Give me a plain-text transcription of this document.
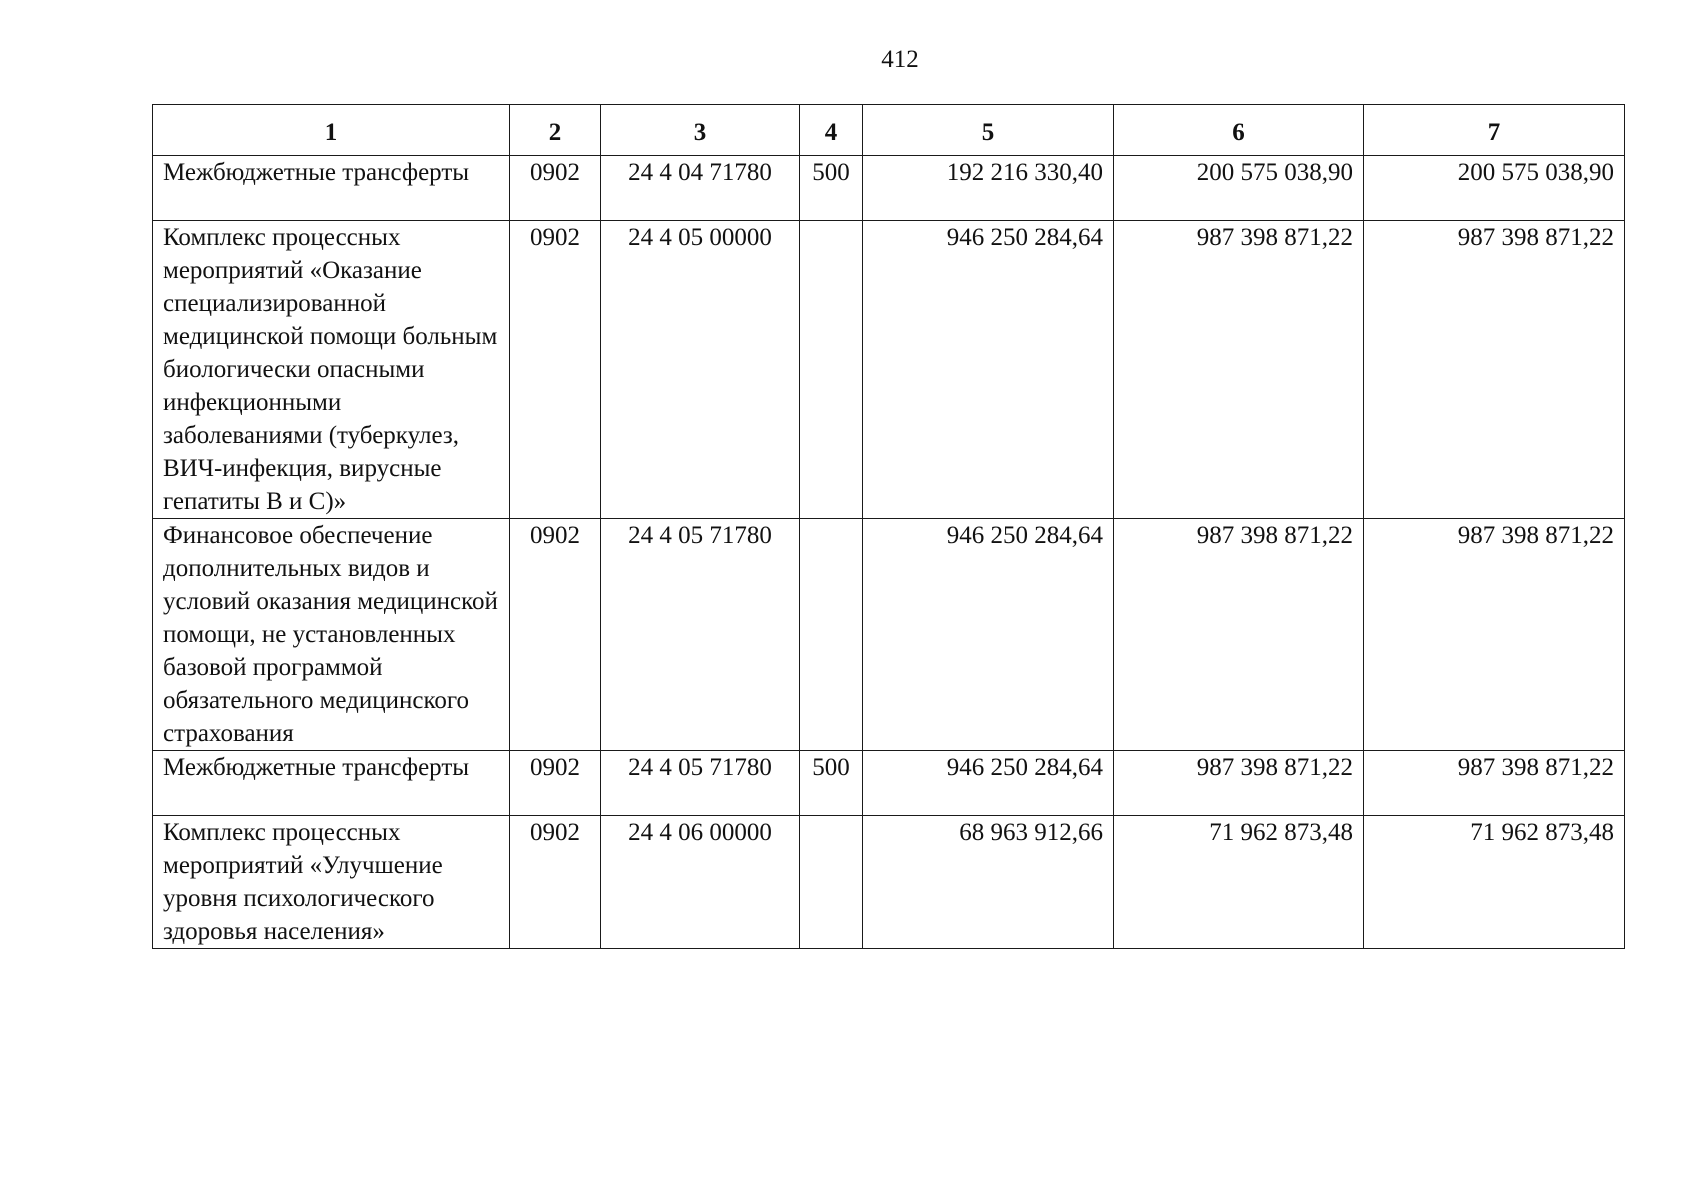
412
1	2	3	4	5	6	7
Межбюджетные трансферты	0902	24 4 04 71780	500	192 216 330,40	200 575 038,90	200 575 038,90
Комплекс процессных мероприятий «Оказание специализированной медицинской помощи больным биологически опасными инфекционными заболеваниями (туберкулез, ВИЧ-инфекция, вирусные гепатиты В и С)»	0902	24 4 05 00000		946 250 284,64	987 398 871,22	987 398 871,22
Финансовое обеспечение дополнительных видов и условий оказания медицинской помощи, не установленных базовой программой обязательного медицинского страхования	0902	24 4 05 71780		946 250 284,64	987 398 871,22	987 398 871,22
Межбюджетные трансферты	0902	24 4 05 71780	500	946 250 284,64	987 398 871,22	987 398 871,22
Комплекс процессных мероприятий «Улучшение уровня психологического здоровья населения»	0902	24 4 06 00000		68 963 912,66	71 962 873,48	71 962 873,48
